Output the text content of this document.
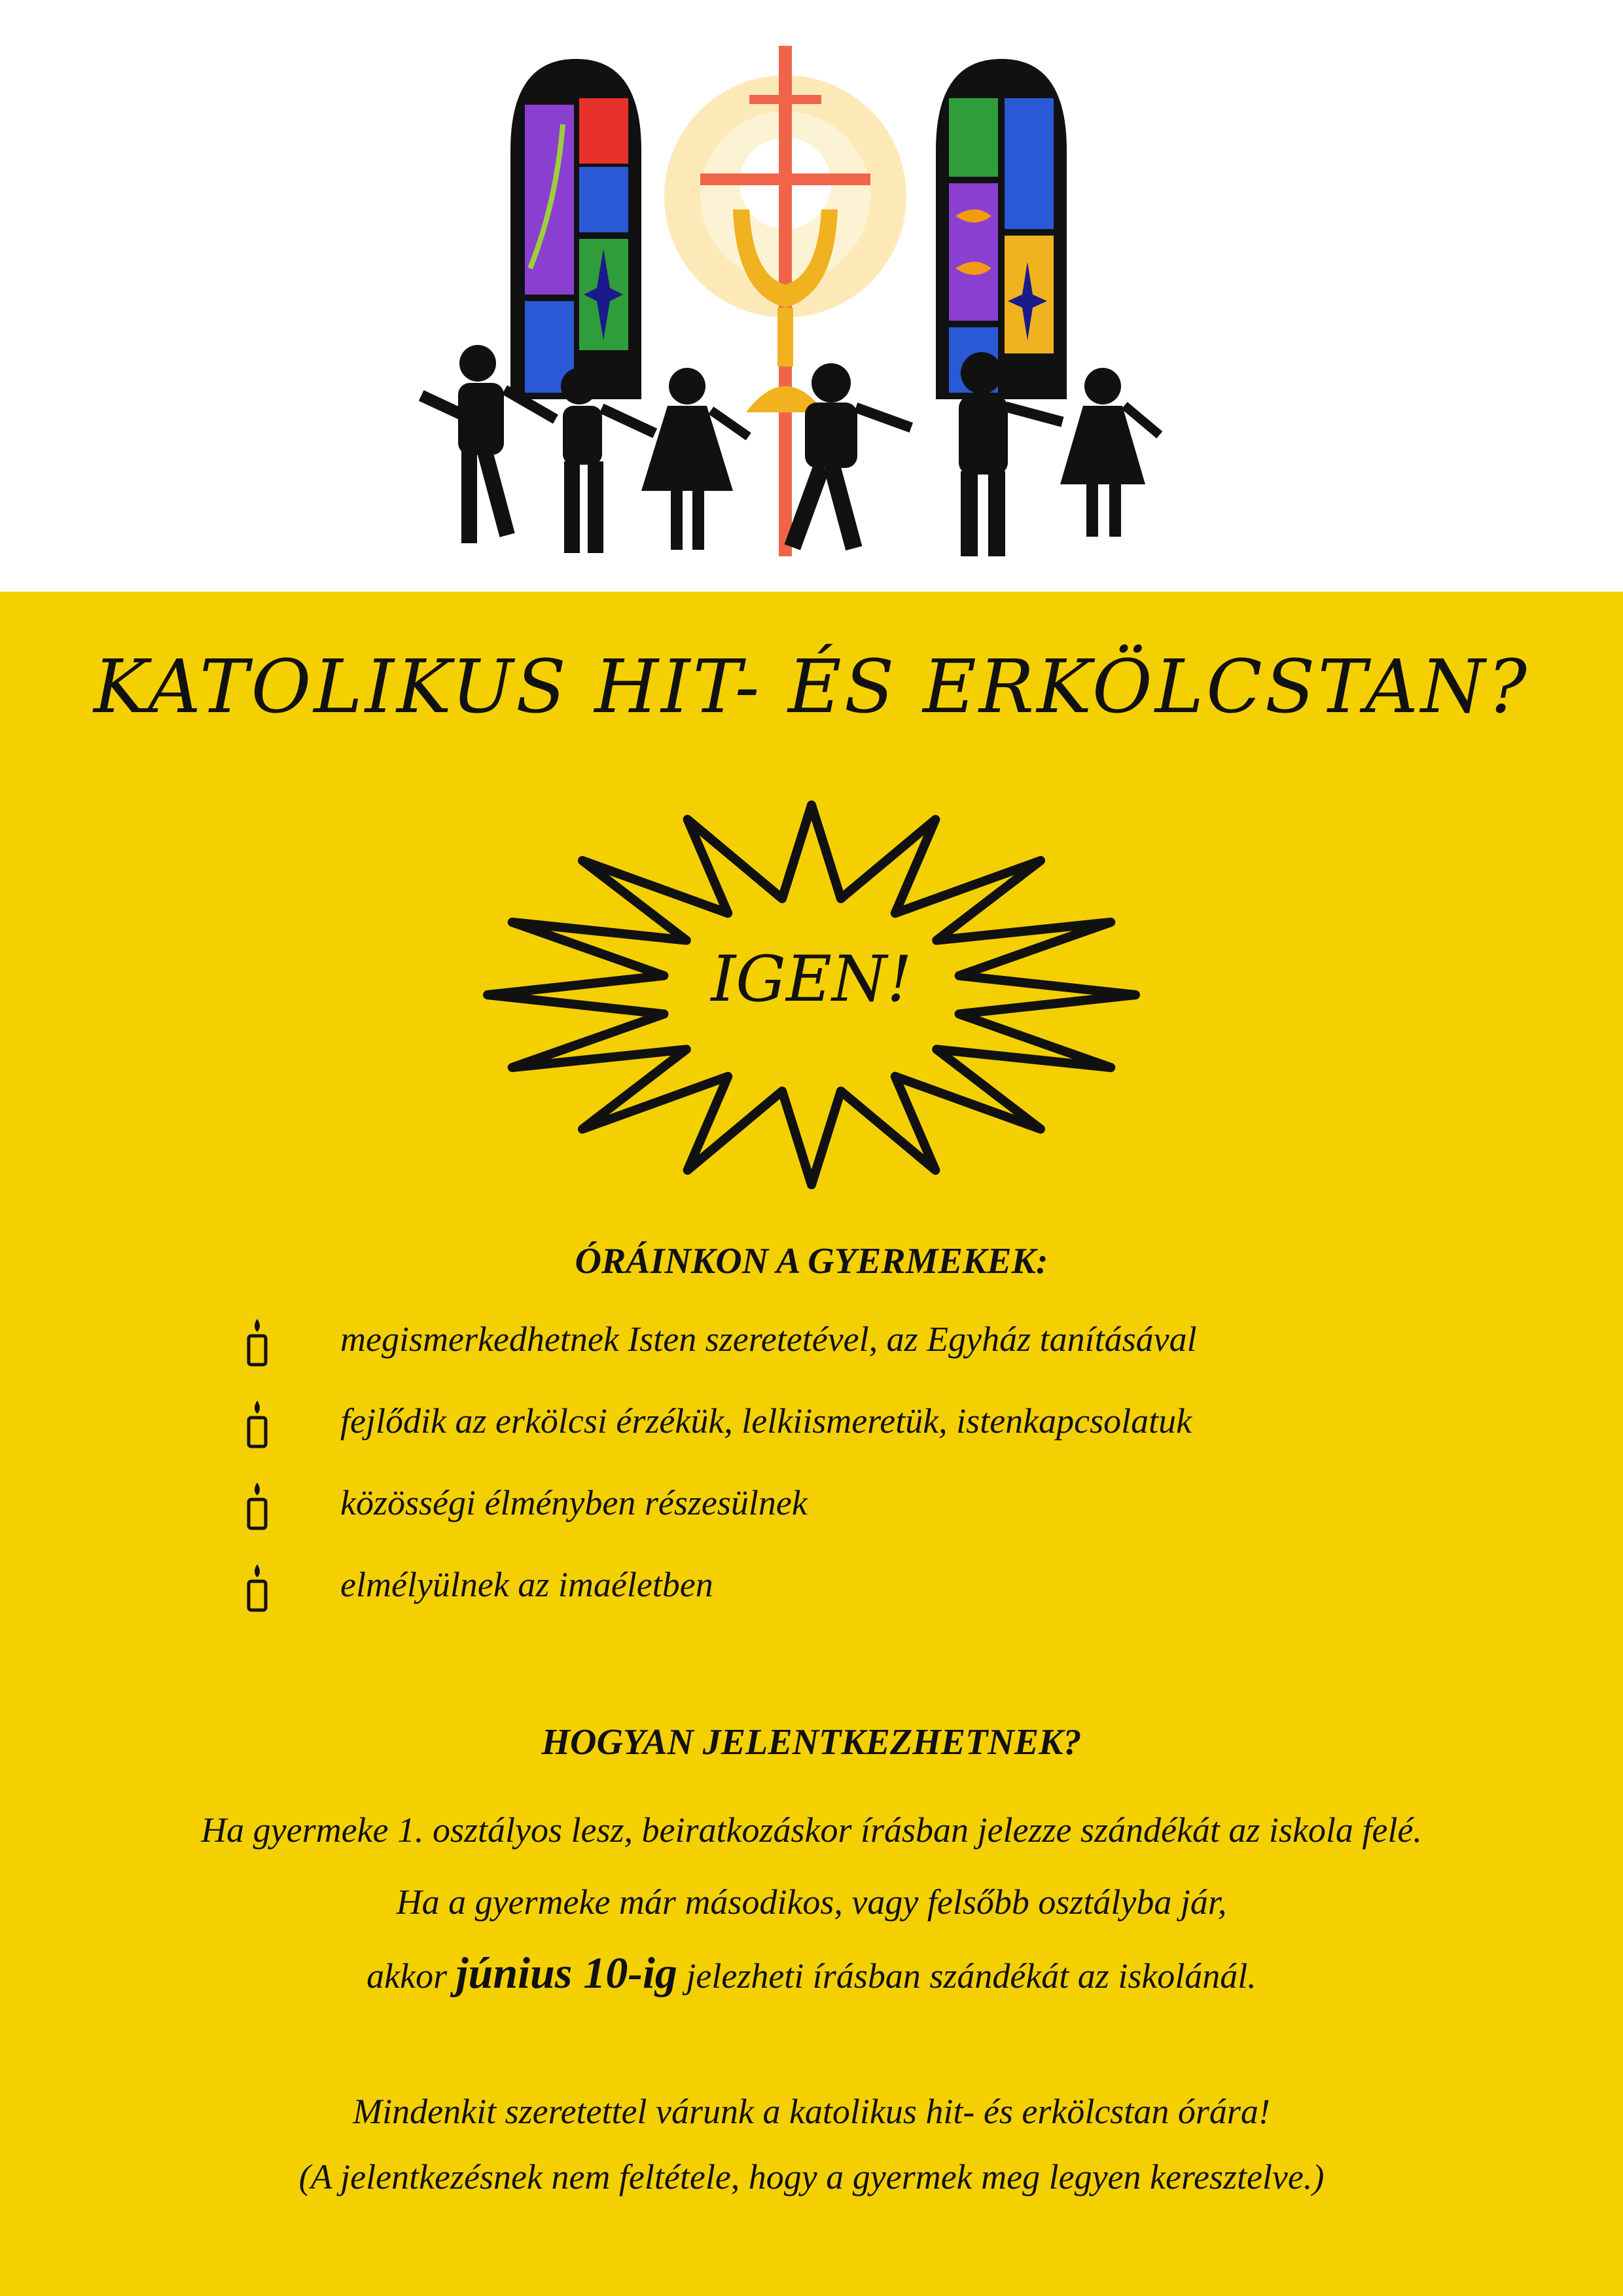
KATOLIKUS HIT- ÉS ERKÖLCSTAN?
IGEN!
ÓRÁINKON A GYERMEKEK:
megismerkedhetnek Isten szeretetével, az Egyház tanításával
fejlődik az erkölcsi érzékük, lelkiismeretük, istenkapcsolatuk
közösségi élményben részesülnek
elmélyülnek az imaéletben
HOGYAN JELENTKEZHETNEK?
Ha gyermeke 1. osztályos lesz, beiratkozáskor írásban jelezze szándékát az iskola felé.
Ha a gyermeke már másodikos, vagy felsőbb osztályba jár,
akkor június 10-ig jelezheti írásban szándékát az iskolánál.
Mindenkit szeretettel várunk a katolikus hit- és erkölcstan órára!
(A jelentkezésnek nem feltétele, hogy a gyermek meg legyen keresztelve.)
